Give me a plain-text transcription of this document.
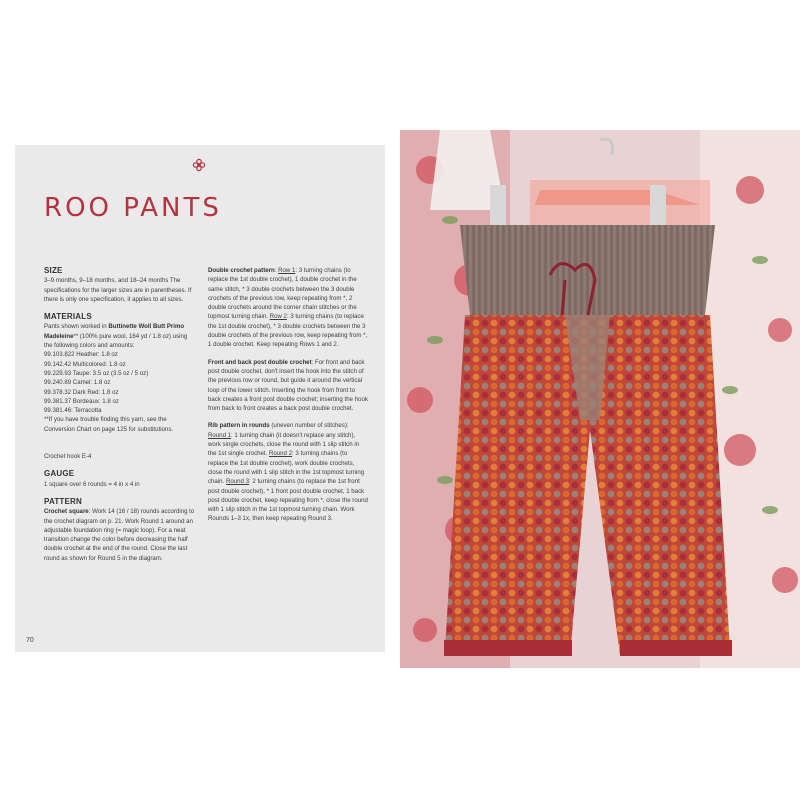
ROO PANTS
SIZE

3–9 months, 9–18 months, and 18–24 months The specifications for the larger sizes are in parentheses. If there is only one specification, it applies to all sizes.

MATERIALS

Pants shown worked in Buttinette Woll Butt Primo Madeleine** (100% pure wool, 164 yd / 1.8 oz) using the following colors and amounts:

99.103.822 Heather: 1.8 oz
99.142.42 Multicolored: 1.8 oz
99.229.93 Taupe: 3.5 oz (3.5 oz / 5 oz)
99.240.89 Camel: 1.8 oz
99.378.32 Dark Red: 1.8 oz
99.381.37 Bordeaux: 1.8 oz
99.381.46: Terracotta

**If you have trouble finding this yarn, see the Conversion Chart on page 125 for substitutions.

Crochet hook E-4

GAUGE

1 square over 6 rounds = 4 in x 4 in

PATTERN

Crochet square: Work 14 (16 / 18) rounds according to the crochet diagram on p. 21. Work Round 1 around an adjustable foundation ring (= magic loop). For a neat transition change the color before decreasing the half double crochet at the end of the round. Close the last round as shown for Round 5 in the diagram.

Double crochet pattern: Row 1: 3 turning chains (to replace the 1st double crochet), 1 double crochet in the same stitch, * 3 double crochets between the 3 double crochets of the previous row, keep repeating from *, 2 double crochets around the corner chain stitches or the topmost turning chain. Row 2: 3 turning chains (to replace the 1st double crochet), * 3 double crochets between the 3 double crochets of the previous row, keep repeating from *, 1 double crochet. Keep repeating Rows 1 and 2.

Front and back post double crochet: For front and back post double crochet, don't insert the hook into the stitch of the previous row or round, but guide it around the vertical loop of the lower stitch. Inserting the hook from front to back creates a front post double crochet; inserting the hook from back to front creates a back post double crochet.

Rib pattern in rounds (uneven number of stitches): Round 1: 1 turning chain (it doesn't replace any stitch), work single crochets, close the round with 1 slip stitch in the 1st single crochet. Round 2: 3 turning chains (to replace the 1st double crochet), work double crochets, close the round with 1 slip stitch in the 1st topmost turning chain. Round 3: 2 turning chains (to replace the 1st front post double crochet), * 1 front post double crochet, 1 back post double crochet, keep repeating from *, close the round with 1 slip stitch in the 1st topmost turning chain. Work Rounds 1–3 1x, then keep repeating Round 3.

70
